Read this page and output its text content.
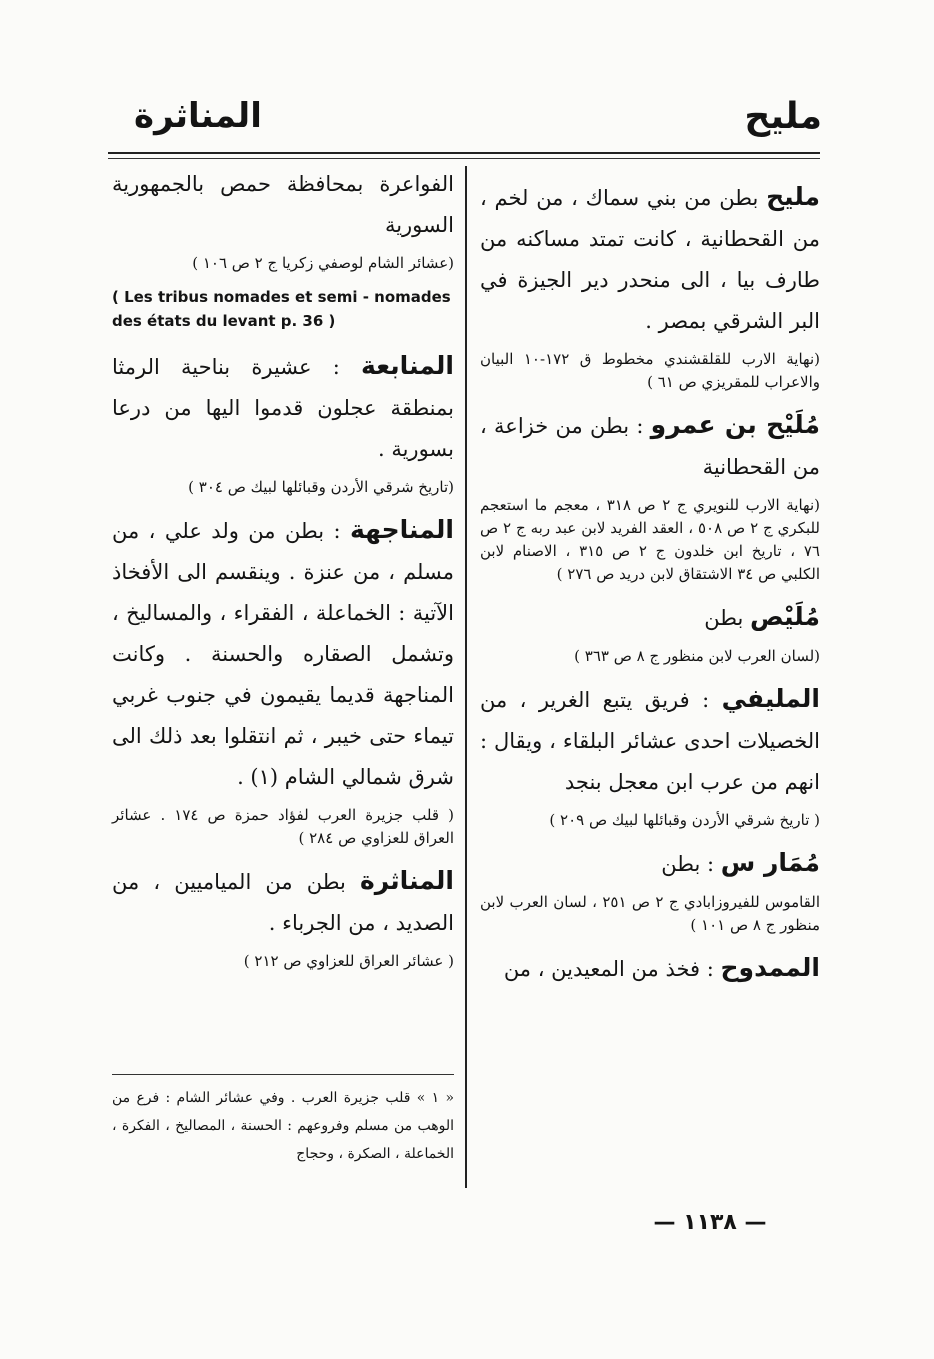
مليح
المناثرة

مليح بطن من بني سماك ، من لخم ، من القحطانية ، كانت تمتد مساكنه من طارف بيا ، الى منحدر دير الجيزة في البر الشرقي بمصر .

(نهاية الارب للقلقشندي مخطوط ق ١٧٢-١٠ البيان والاعراب للمقريزي ص ٦١ )

مُلَيْح بن عمرو : بطن من خزاعة ، من القحطانية

(نهاية الارب للنويري ج ٢ ص ٣١٨ ، معجم ما استعجم للبكري ج ٢ ص ٥٠٨ ، العقد الفريد لابن عبد ربه ج ٢ ص ٧٦ ، تاريخ ابن خلدون ج ٢ ص ٣١٥ ، الاصنام لابن الكلبي ص ٣٤ الاشتقاق لابن دريد ص ٢٧٦ )

مُلَيْص بطن

(لسان العرب لابن منظور ج ٨ ص ٣٦٣ )

المليفي : فريق يتبع الغرير ، من الخصيلات احدى عشائر البلقاء ، ويقال : انهم من عرب ابن معجل بنجد

( تاريخ شرقي الأردن وقبائلها لبيك ص ٢٠٩ )

مُمَار س : بطن

القاموس للفيروزابادي ج ٢ ص ٢٥١ ، لسان العرب لابن منظور ج ٨ ص ١٠١ )

الممدوح : فخذ من المعيدين ، من

الفواعرة بمحافظة حمص بالجمهورية السورية

(عشائر الشام لوصفي زكريا ج ٢ ص ١٠٦ )

( Les tribus nomades et semi - nomades des états du levant p. 36 )

المنابعة : عشيرة بناحية الرمثا بمنطقة عجلون قدموا اليها من درعا بسورية .

(تاريخ شرقي الأردن وقبائلها لبيك ص ٣٠٤ )

المناجهة : بطن من ولد علي ، من مسلم ، من عنزة . وينقسم الى الأفخاذ الآتية : الخماعلة ، الفقراء ، والمساليخ ، وتشمل الصقاره والحسنة . وكانت المناجهة قديما يقيمون في جنوب غربي تيماء حتى خيبر ، ثم انتقلوا بعد ذلك الى شرق شمالي الشام (١) .

( قلب جزيرة العرب لفؤاد حمزة ص ١٧٤ . عشائر العراق للعزاوي ص ٢٨٤ )

المناثرة بطن من المياميين ، من الصديد ، من الجرباء .

( عشائر العراق للعزاوي ص ٢١٢ )

« ١ » قلب جزيرة العرب . وفي عشائر الشام : فرع من الوهب من مسلم وفروعهم : الحسنة ، المصاليخ ، الفكرة ، الخماعلة ، الصكرة ، وحجاج
— ١١٣٨ —
